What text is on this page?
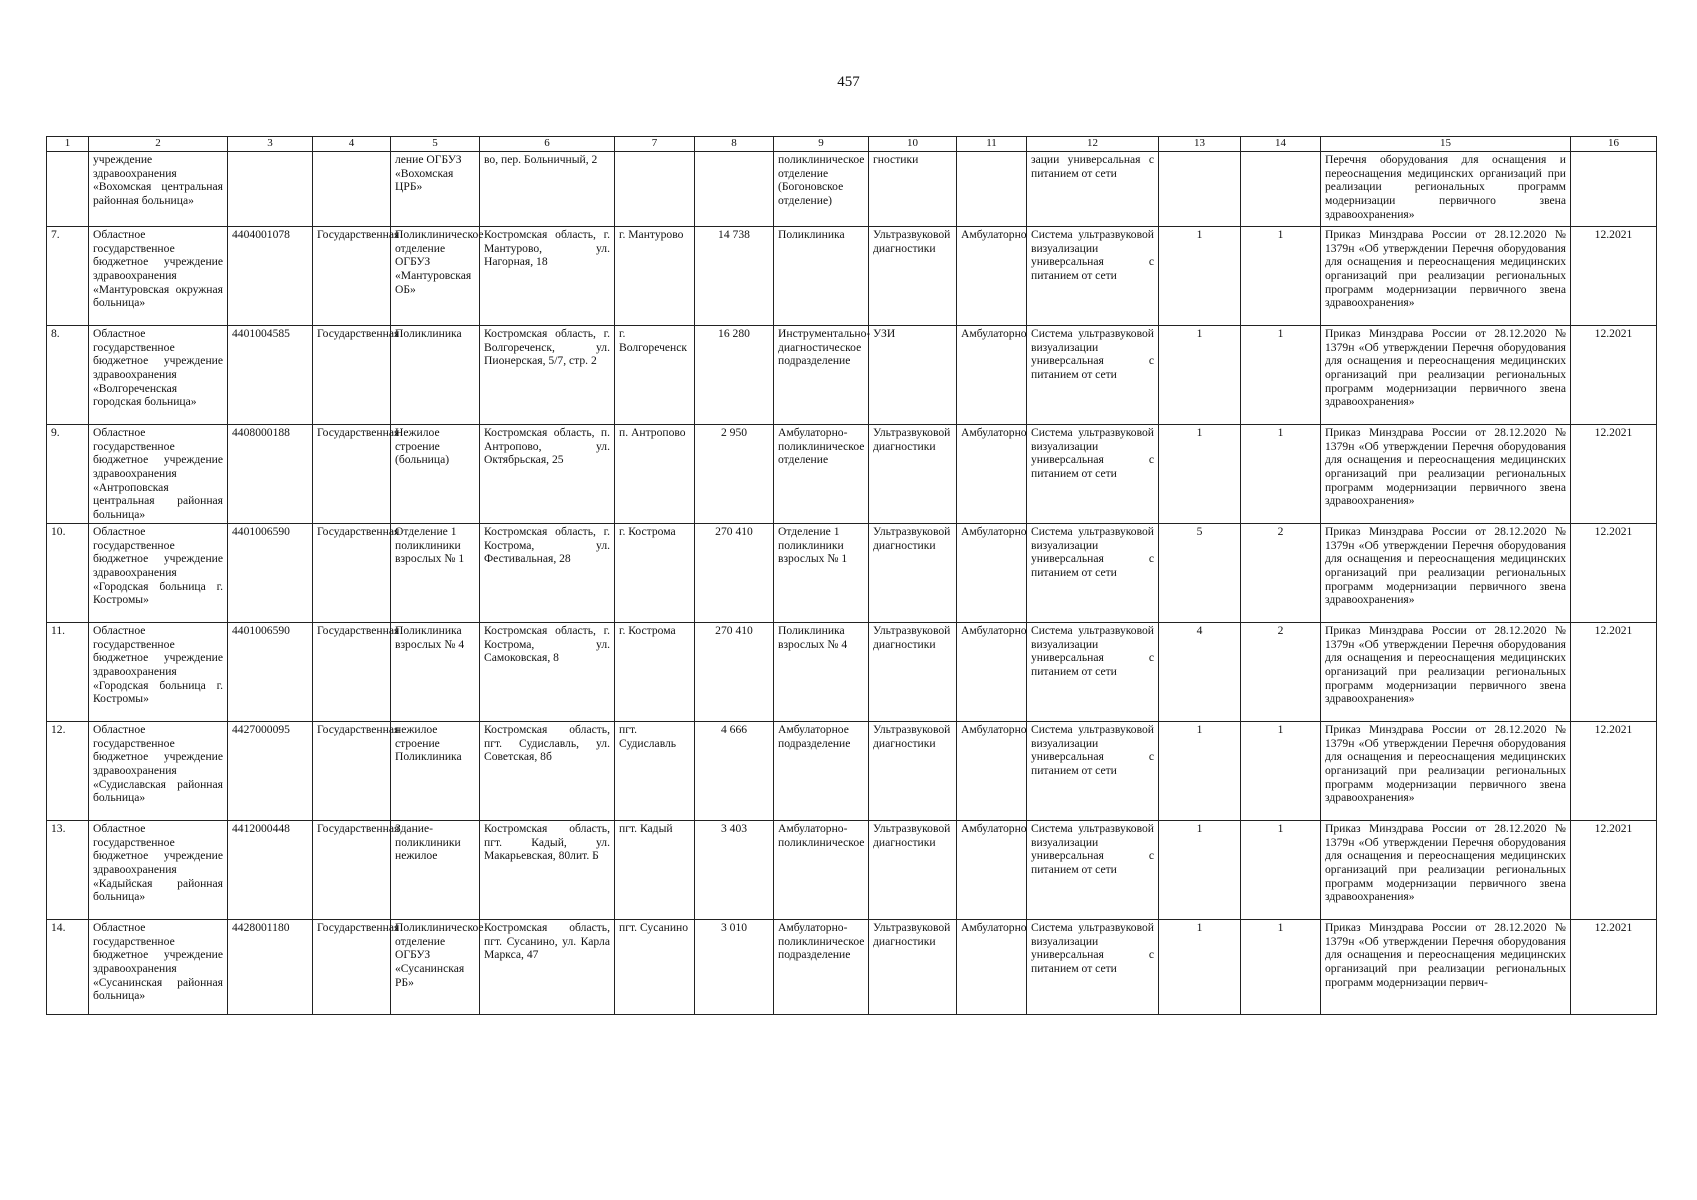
457
1	2	3	4	5	6	7	8	9	10	11	12	13	14	15	16
	учреждение здравоохранения «Вохомская центральная районная больница»			ление ОГБУЗ «Вохомская ЦРБ»	во, пер. Больничный, 2			поликлиническое отделение (Богоновское отделение)	гностики		зации универсальная с питанием от сети			Перечня оборудования для оснащения и переоснащения медицинских организаций при реализации региональных программ модернизации первичного звена здравоохранения»	
7.	Областное государственное бюджетное учреждение здравоохранения «Мантуровская окружная больница»	4404001078	Государственная	Поликлиническое отделение ОГБУЗ «Мантуровская ОБ»	Костромская область, г. Мантурово, ул. Нагорная, 18	г. Мантурово	14 738	Поликлиника	Ультразвуковой диагностики	Амбулаторно	Система ультразвуковой визуализации универсальная с питанием от сети	1	1	Приказ Минздрава России от 28.12.2020 № 1379н «Об утверждении Перечня оборудования для оснащения и переоснащения медицинских организаций при реализации региональных программ модернизации первичного звена здравоохранения»	12.2021
8.	Областное государственное бюджетное учреждение здравоохранения «Волгореченская городская больница»	4401004585	Государственная	Поликлиника	Костромская область, г. Волгореченск, ул. Пионерская, 5/7, стр. 2	г. Волгореченск	16 280	Инструментально-диагностическое подразделение	УЗИ	Амбулаторно	Система ультразвуковой визуализации универсальная с питанием от сети	1	1	Приказ Минздрава России от 28.12.2020 № 1379н «Об утверждении Перечня оборудования для оснащения и переоснащения медицинских организаций при реализации региональных программ модернизации первичного звена здравоохранения»	12.2021
9.	Областное государственное бюджетное учреждение здравоохранения «Антроповская центральная районная больница»	4408000188	Государственная	Нежилое строение (больница)	Костромская область, п. Антропово, ул. Октябрьская, 25	п. Антропово	2 950	Амбулаторно-поликлиническое отделение	Ультразвуковой диагностики	Амбулаторно	Система ультразвуковой визуализации универсальная с питанием от сети	1	1	Приказ Минздрава России от 28.12.2020 № 1379н «Об утверждении Перечня оборудования для оснащения и переоснащения медицинских организаций при реализации региональных программ модернизации первичного звена здравоохранения»	12.2021
10.	Областное государственное бюджетное учреждение здравоохранения «Городская больница г. Костромы»	4401006590	Государственная	Отделение 1 поликлиники взрослых № 1	Костромская область, г. Кострома, ул. Фестивальная, 28	г. Кострома	270 410	Отделение 1 поликлиники взрослых № 1	Ультразвуковой диагностики	Амбулаторно	Система ультразвуковой визуализации универсальная с питанием от сети	5	2	Приказ Минздрава России от 28.12.2020 № 1379н «Об утверждении Перечня оборудования для оснащения и переоснащения медицинских организаций при реализации региональных программ модернизации первичного звена здравоохранения»	12.2021
11.	Областное государственное бюджетное учреждение здравоохранения «Городская больница г. Костромы»	4401006590	Государственная	Поликлиника взрослых № 4	Костромская область, г. Кострома, ул. Самоковская, 8	г. Кострома	270 410	Поликлиника взрослых № 4	Ультразвуковой диагностики	Амбулаторно	Система ультразвуковой визуализации универсальная с питанием от сети	4	2	Приказ Минздрава России от 28.12.2020 № 1379н «Об утверждении Перечня оборудования для оснащения и переоснащения медицинских организаций при реализации региональных программ модернизации первичного звена здравоохранения»	12.2021
12.	Областное государственное бюджетное учреждение здравоохранения «Судиславская районная больница»	4427000095	Государственная	нежилое строение Поликлиника	Костромская область, пгт. Судиславль, ул. Советская, 8б	пгт. Судиславль	4 666	Амбулаторное подразделение	Ультразвуковой диагностики	Амбулаторно	Система ультразвуковой визуализации универсальная с питанием от сети	1	1	Приказ Минздрава России от 28.12.2020 № 1379н «Об утверждении Перечня оборудования для оснащения и переоснащения медицинских организаций при реализации региональных программ модернизации первичного звена здравоохранения»	12.2021
13.	Областное государственное бюджетное учреждение здравоохранения «Кадыйская районная больница»	4412000448	Государственная	Здание-поликлиники нежилое	Костромская область, пгт. Кадый, ул. Макарьевская, 80лит. Б	пгт. Кадый	3 403	Амбулаторно-поликлиническое	Ультразвуковой диагностики	Амбулаторно	Система ультразвуковой визуализации универсальная с питанием от сети	1	1	Приказ Минздрава России от 28.12.2020 № 1379н «Об утверждении Перечня оборудования для оснащения и переоснащения медицинских организаций при реализации региональных программ модернизации первичного звена здравоохранения»	12.2021
14.	Областное государственное бюджетное учреждение здравоохранения «Сусанинская районная больница»	4428001180	Государственная	Поликлиническое отделение ОГБУЗ «Сусанинская РБ»	Костромская область, пгт. Сусанино, ул. Карла Маркса, 47	пгт. Сусанино	3 010	Амбулаторно-поликлиническое подразделение	Ультразвуковой диагностики	Амбулаторно	Система ультразвуковой визуализации универсальная с питанием от сети	1	1	Приказ Минздрава России от 28.12.2020 № 1379н «Об утверждении Перечня оборудования для оснащения и переоснащения медицинских организаций при реализации региональных программ модернизации первич-	12.2021
